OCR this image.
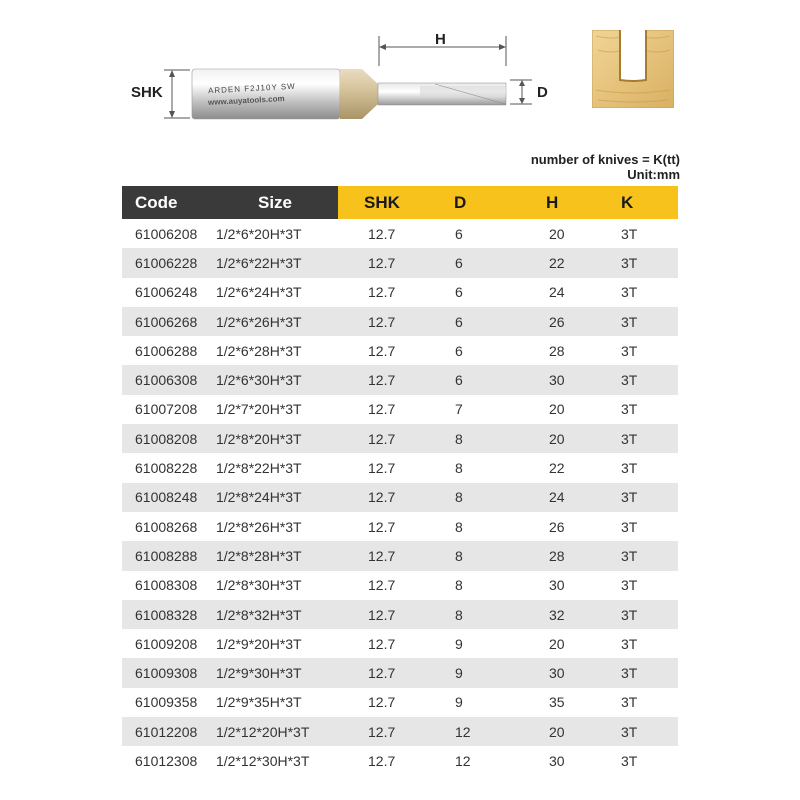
ARDEN F2J10Y SW
www.auyatools.com
SHK
H
D
number of knives = K(tt)
Unit:mm
Code	Size	SHK	D	H	K
61006208	1/2*6*20H*3T	12.7	6	20	3T
61006228	1/2*6*22H*3T	12.7	6	22	3T
61006248	1/2*6*24H*3T	12.7	6	24	3T
61006268	1/2*6*26H*3T	12.7	6	26	3T
61006288	1/2*6*28H*3T	12.7	6	28	3T
61006308	1/2*6*30H*3T	12.7	6	30	3T
61007208	1/2*7*20H*3T	12.7	7	20	3T
61008208	1/2*8*20H*3T	12.7	8	20	3T
61008228	1/2*8*22H*3T	12.7	8	22	3T
61008248	1/2*8*24H*3T	12.7	8	24	3T
61008268	1/2*8*26H*3T	12.7	8	26	3T
61008288	1/2*8*28H*3T	12.7	8	28	3T
61008308	1/2*8*30H*3T	12.7	8	30	3T
61008328	1/2*8*32H*3T	12.7	8	32	3T
61009208	1/2*9*20H*3T	12.7	9	20	3T
61009308	1/2*9*30H*3T	12.7	9	30	3T
61009358	1/2*9*35H*3T	12.7	9	35	3T
61012208	1/2*12*20H*3T	12.7	12	20	3T
61012308	1/2*12*30H*3T	12.7	12	30	3T
